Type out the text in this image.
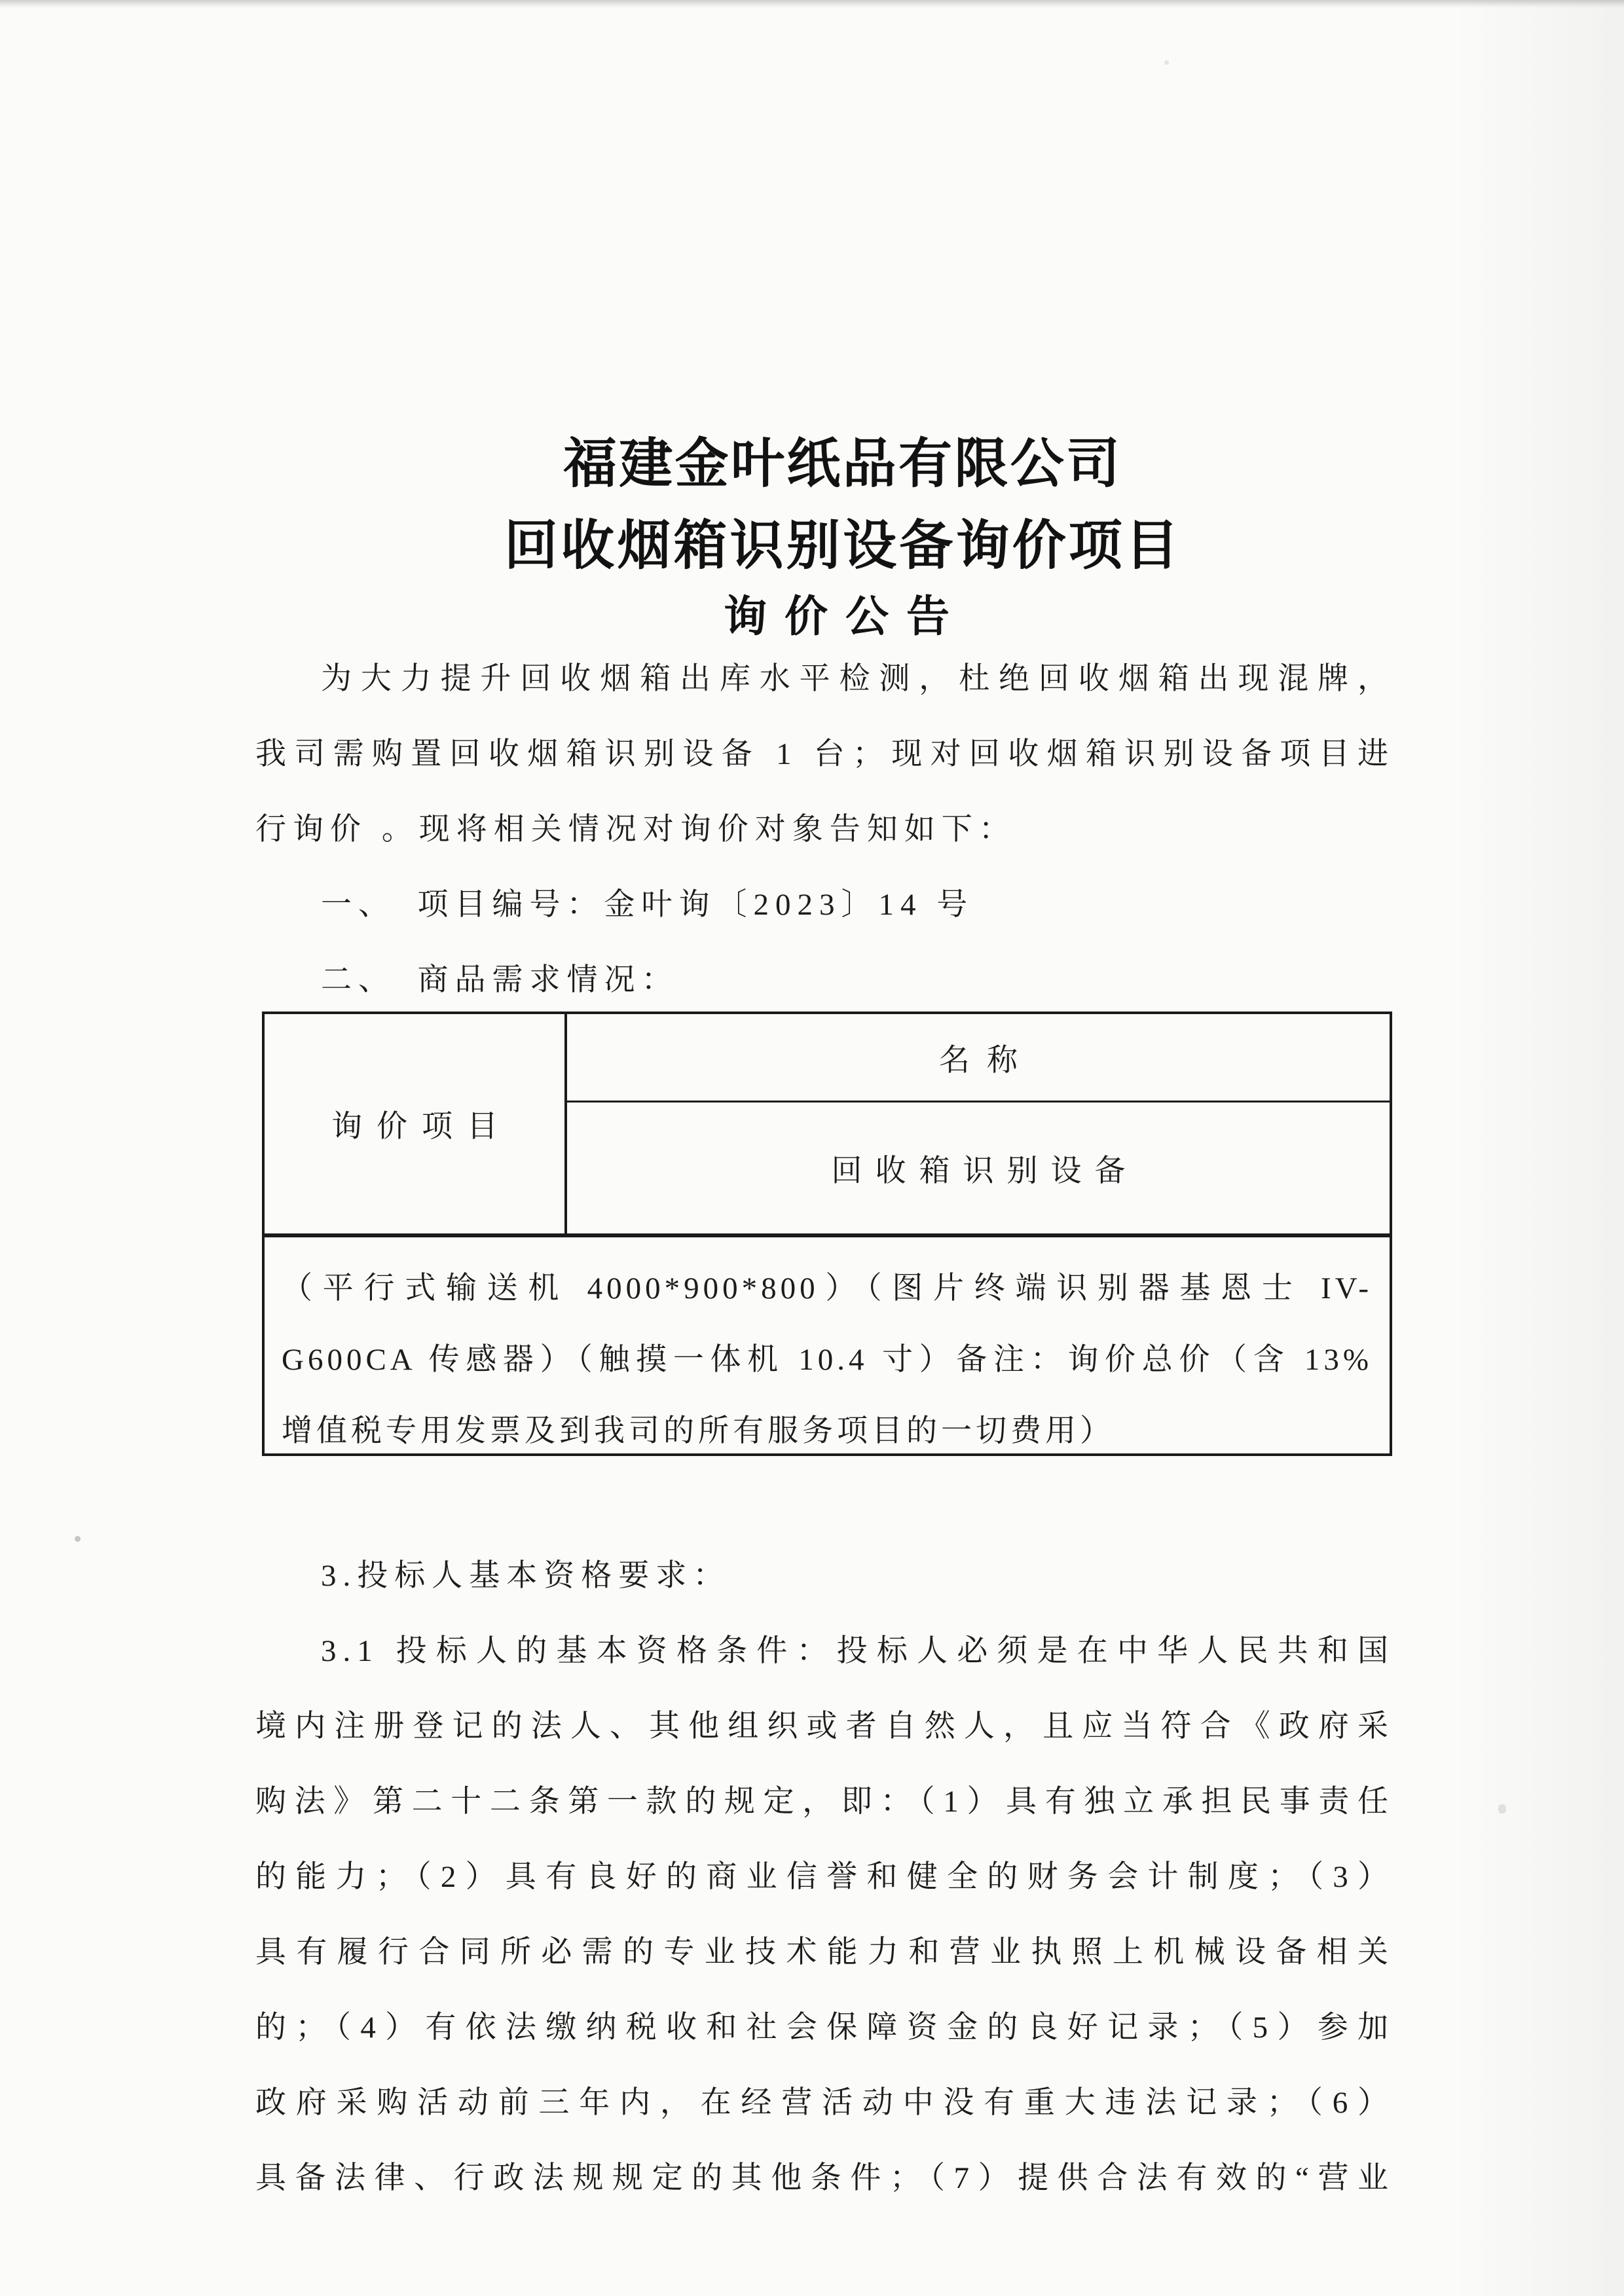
福建金叶纸品有限公司
回收烟箱识别设备询价项目
询价公告
为大力提升回收烟箱出库水平检测，杜绝回收烟箱出现混牌，
我司需购置回收烟箱识别设备 1 台；现对回收烟箱识别设备项目进
行询价 。现将相关情况对询价对象告知如下：
一、　项目编号：金叶询〔2023〕14 号
二、　商品需求情况：
询价项目
名称
回收箱识别设备
（平行式输送机 4000*900*800）（图片终端识别器基恩士 IV-
G600CA 传感器）（触摸一体机 10.4 寸）备注：询价总价（含 13%
增值税专用发票及到我司的所有服务项目的一切费用）
3.投标人基本资格要求：
3.1 投标人的基本资格条件：投标人必须是在中华人民共和国
境内注册登记的法人、其他组织或者自然人，且应当符合《政府采
购法》第二十二条第一款的规定，即：（1）具有独立承担民事责任
的能力；（2）具有良好的商业信誉和健全的财务会计制度；（3）
具有履行合同所必需的专业技术能力和营业执照上机械设备相关
的；（4）有依法缴纳税收和社会保障资金的良好记录；（5）参加
政府采购活动前三年内，在经营活动中没有重大违法记录；（6）
具备法律、行政法规规定的其他条件；（7）提供合法有效的“营业
